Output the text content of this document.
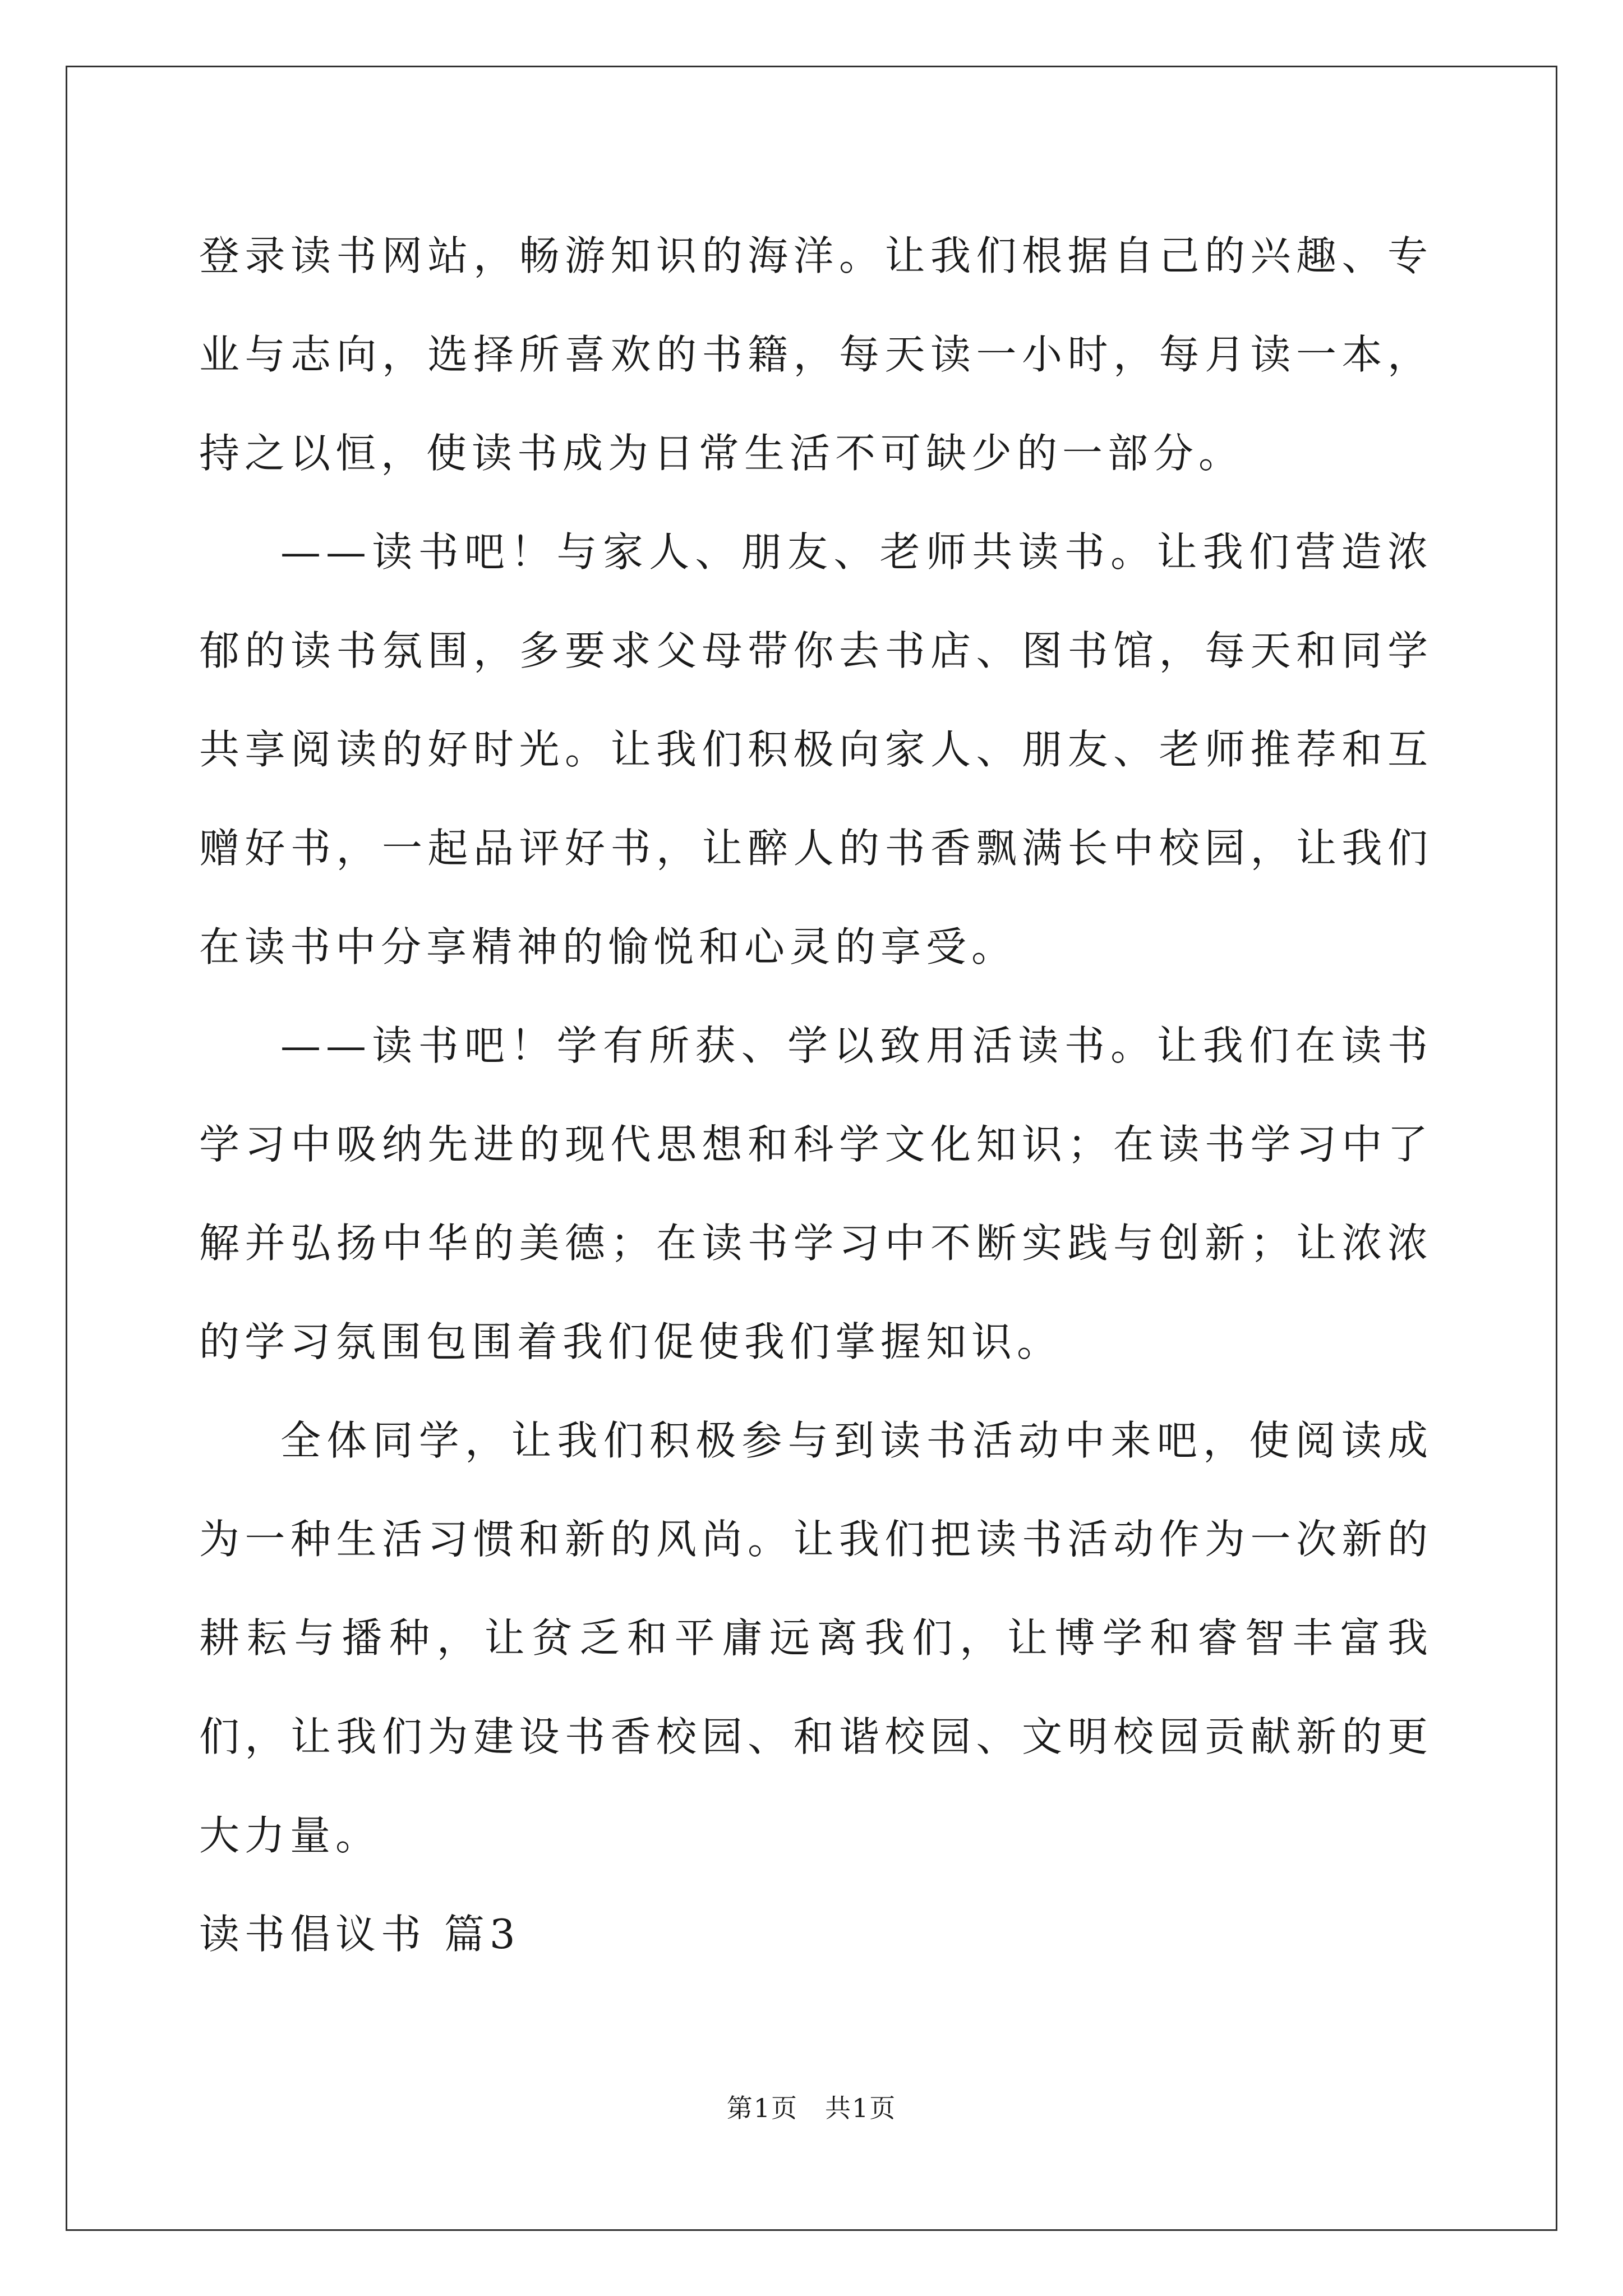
登录读书网站，畅游知识的海洋。让我们根据自己的兴趣、专业与志向，选择所喜欢的书籍，每天读一小时，每月读一本，持之以恒，使读书成为日常生活不可缺少的一部分。

——读书吧！与家人、朋友、老师共读书。让我们营造浓郁的读书氛围，多要求父母带你去书店、图书馆，每天和同学共享阅读的好时光。让我们积极向家人、朋友、老师推荐和互赠好书，一起品评好书，让醉人的书香飘满长中校园，让我们在读书中分享精神的愉悦和心灵的享受。

——读书吧！学有所获、学以致用活读书。让我们在读书学习中吸纳先进的现代思想和科学文化知识；在读书学习中了解并弘扬中华的美德；在读书学习中不断实践与创新；让浓浓的学习氛围包围着我们促使我们掌握知识。

全体同学，让我们积极参与到读书活动中来吧，使阅读成为一种生活习惯和新的风尚。让我们把读书活动作为一次新的耕耘与播种，让贫乏和平庸远离我们，让博学和睿智丰富我们，让我们为建设书香校园、和谐校园、文明校园贡献新的更大力量。

读书倡议书 篇3

第1页 共1页
